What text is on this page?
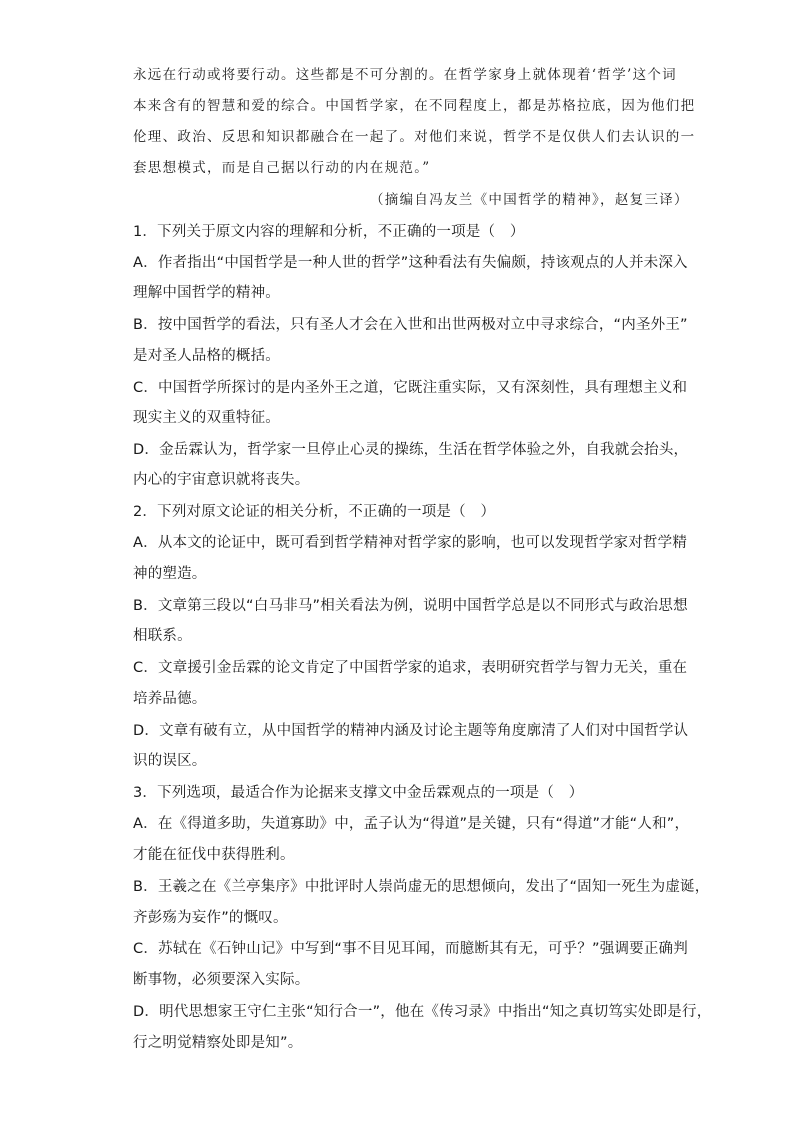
永远在行动或将要行动。这些都是不可分割的。在哲学家身上就体现着‘哲学’这个词
本来含有的智慧和爱的综合。中国哲学家，在不同程度上，都是苏格拉底，因为他们把
伦理、政治、反思和知识都融合在一起了。对他们来说，哲学不是仅供人们去认识的一
套思想模式，而是自己据以行动的内在规范。”
（摘编自冯友兰《中国哲学的精神》，赵复三译）
1．下列关于原文内容的理解和分析，不正确的一项是（　）
A．作者指出“中国哲学是一种人世的哲学”这种看法有失偏颇，持该观点的人并未深入
理解中国哲学的精神。
B．按中国哲学的看法，只有圣人才会在入世和出世两极对立中寻求综合，“内圣外王”
是对圣人品格的概括。
C．中国哲学所探讨的是内圣外王之道，它既注重实际，又有深刻性，具有理想主义和
现实主义的双重特征。
D．金岳霖认为，哲学家一旦停止心灵的操练，生活在哲学体验之外，自我就会抬头，
内心的宇宙意识就将丧失。
2．下列对原文论证的相关分析，不正确的一项是（　）
A．从本文的论证中，既可看到哲学精神对哲学家的影响，也可以发现哲学家对哲学精
神的塑造。
B．文章第三段以“白马非马”相关看法为例，说明中国哲学总是以不同形式与政治思想
相联系。
C．文章援引金岳霖的论文肯定了中国哲学家的追求，表明研究哲学与智力无关，重在
培养品德。
D．文章有破有立，从中国哲学的精神内涵及讨论主题等角度廓清了人们对中国哲学认
识的误区。
3．下列选项，最适合作为论据来支撑文中金岳霖观点的一项是（　）
A．在《得道多助，失道寡助》中，孟子认为“得道”是关键，只有“得道”才能“人和”，
才能在征伐中获得胜利。
B．王羲之在《兰亭集序》中批评时人崇尚虚无的思想倾向，发出了“固知一死生为虚诞，
齐彭殇为妄作”的慨叹。
C．苏轼在《石钟山记》中写到“事不目见耳闻，而臆断其有无，可乎？”强调要正确判
断事物，必须要深入实际。
D．明代思想家王守仁主张“知行合一”，他在《传习录》中指出“知之真切笃实处即是行，
行之明觉精察处即是知”。
